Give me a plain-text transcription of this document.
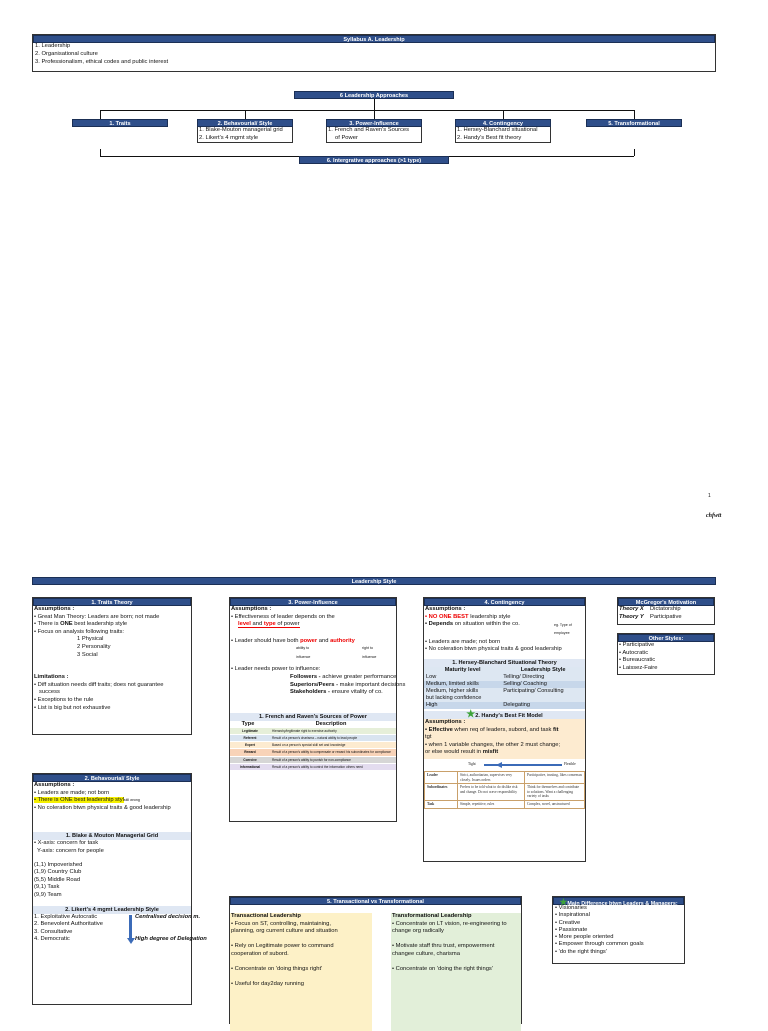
Syllabus A. Leadership
1. Leadership
2. Organisational culture
3. Professionalism, ethical codes and public interest
6 Leadership Approaches
1. Traits	2. Behavourial/ Style
1. Blake-Mouton managerial grid
2. Likert's 4 mgmt style
3. Power-Influence
1. French and Raven's Sources
of Power
4. Contingency
1. Hersey-Blanchard situational
2. Handy's Best fit theory
5. Transformational
6. Intergrative approaches (>1 type)
1
chfwtt
Leadership Style
1. Traits Theory
Assumptions :
• Great Man Theory: Leaders are born; not made
• There is ONE best leadership style
• Focus on analysis following traits:
1 Physical
2 Personality
3 Social
Limitations :
• Diff situation needs diff traits; does not guarantee
success
• Exceptions to the rule
• List is big but not exhaustive
2. Behavourial/ Style
Assumptions :
• Leaders are made; not born
• There is ONE best leadership stylstill wrong
• No coleration btwn physical traits & good leadership
1. Blake & Mouton Managerial Grid
• X-axis: concern for task
Y-axis: concern for people
(1,1) Impoverished
(1,9) Country Club
(5,5) Middle Road
(9,1) Task
(9,9) Team
2. Likert's 4 mgmt Leadership Style
1. Exploitative Autocratic
2. Benevolent Authoritative
3. Consultative
4. Democratic
Centralised decision m.
High degree of Delegation
3. Power-Influence
Assumptions :
• Effectiveness of leader depends on the
level and type of power
• Leader should have both power and authority
ability to	right to
influence	influence
• Leader needs power to influence:
Followers - achieve greater performance
Superiors/Peers - make important decisions
Stakeholders - ensure vitality of co.
1. French and Raven's Sources of Power
Type	Description
Legitimate	Hierarchy/legitimate right to exercise authority
Referent	Result of a person's charisma – natural ability to lead people
Expert	Based on a person's special skill set and knowledge
Reward	Result of a person's ability to compensate or reward his subordinates for compliance
Coercive	Result of a person's ability to punish for non-compliance
Informational	Result of a person's ability to control the information others need
4. Contingency
Assumptions :
• NO ONE BEST leadership style
• Depends on situation within the co.	eg. Type of
employee
• Leaders are made; not born
• No coleration btwn physical traits & good leadership
1. Hersey-Blanchard Situational Theory
Maturity level	Leadership Style
Low	Telling/ Directing
Medium, limited skills	Selling/ Coaching
Medium, higher skills	Participating/ Consulting
but lacking confidence	
High	Delegating
★2. Handy's Best Fit Model
Assumptions :
• Effective when req of leaders, subord, and task fit
tgt
• when 1 variable changes, the other 2 must change;
or else would result in misfit
Tight	Flexible
Leader	Strict, authoritarian, supervises very closely. Issues orders	Participative, trusting, likes consensus
Subordinates	Prefers to be told what to do dislike risk and change. Do not crave responsibility	Think for themselves and contribute to solutions. Want a challenging variety of tasks
Task	Simple, repetitive, rules	Complex, novel, unstructured
McGregor's Motivation
Theory X Dictatorship
Theory Y Participative
Other Styles:
• Participative
• Autocratic
• Bureaucratic
• Laissez-Faire
5. Transactional vs Transformational
Transactional Leadership
• Focus on ST, controlling, maintaining,
planning, org current culture and situation
• Rely on Legitimate power to command
cooperation of subord.
• Concentrate on 'doing things right'
• Useful for day2day running
Transformational Leadership
• Concentrate on LT vision, re-engineering to
change org radically
• Motivate staff thru trust, empowerment
changee culture, charisma
• Concentrate on 'doing the right things'
★Main Difference btwn Leaders & Managers:
• Visionaries
• Inspirational
• Creative
• Passionate
• More people oriented
• Empower through common goals
• 'do the right things'
